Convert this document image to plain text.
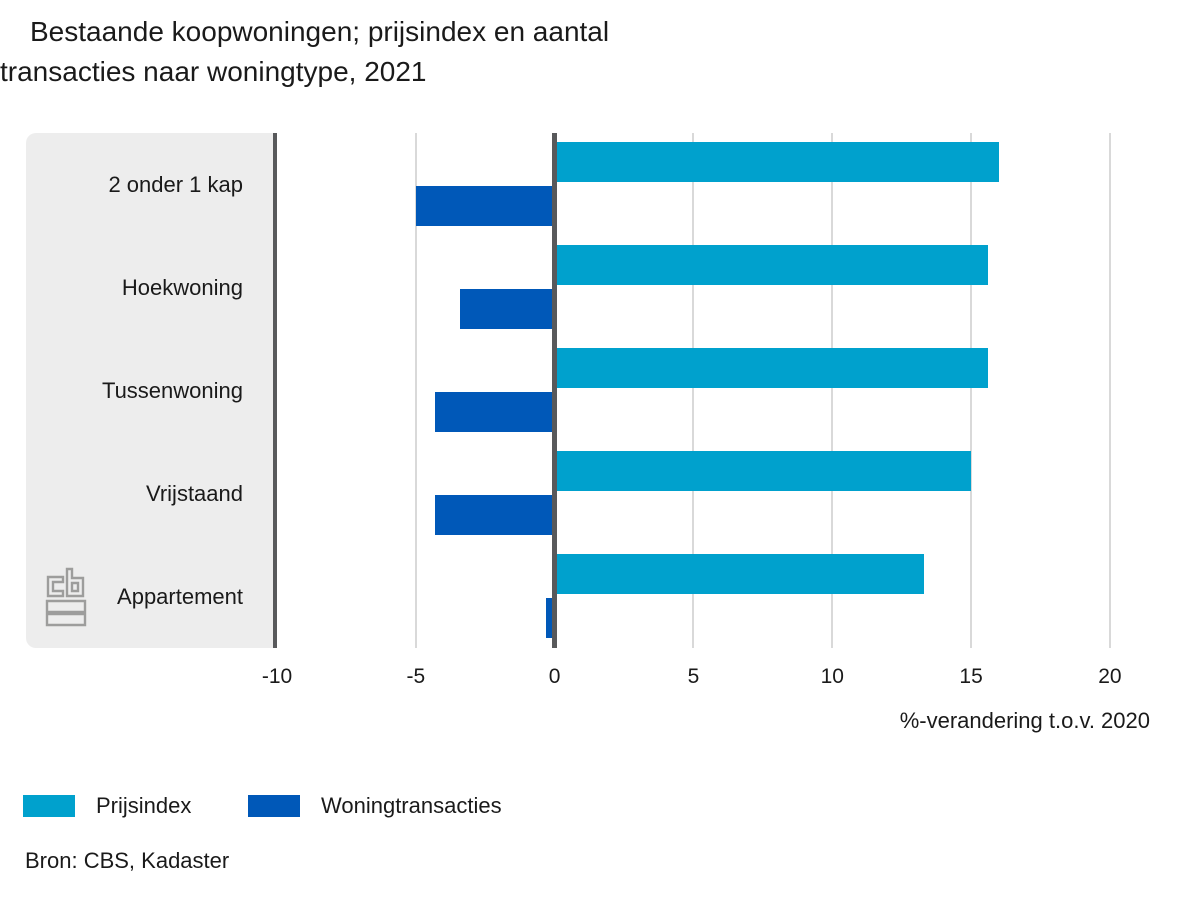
Bestaande koopwoningen; prijsindex en aantal
transacties naar woningtype, 2021
2 onder 1 kap
Hoekwoning
Tussenwoning
Vrijstaand
Appartement
-10	-5	0	5	10	15	20
%-verandering t.o.v. 2020
Prijsindex	Woningtransacties
Bron: CBS, Kadaster
